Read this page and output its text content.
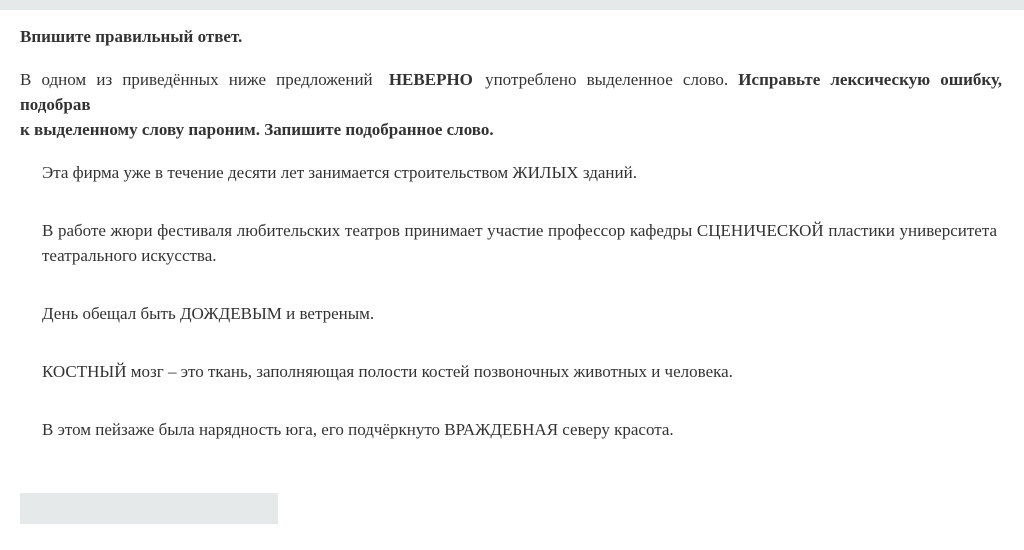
Впишите правильный ответ.

В одном из приведённых ниже предложений НЕВЕРНО употреблено выделенное слово. Исправьте лексическую ошибку, подобрав
к выделенному слову пароним. Запишите подобранное слово.

Эта фирма уже в течение десяти лет занимается строительством ЖИЛЫХ зданий.

В работе жюри фестиваля любительских театров принимает участие профессор кафедры СЦЕНИЧЕСКОЙ пластики университета театрального искусства.

День обещал быть ДОЖДЕВЫМ и ветреным.

КОСТНЫЙ мозг – это ткань, заполняющая полости костей позвоночных животных и человека.

В этом пейзаже была нарядность юга, его подчёркнуто ВРАЖДЕБНАЯ северу красота.
